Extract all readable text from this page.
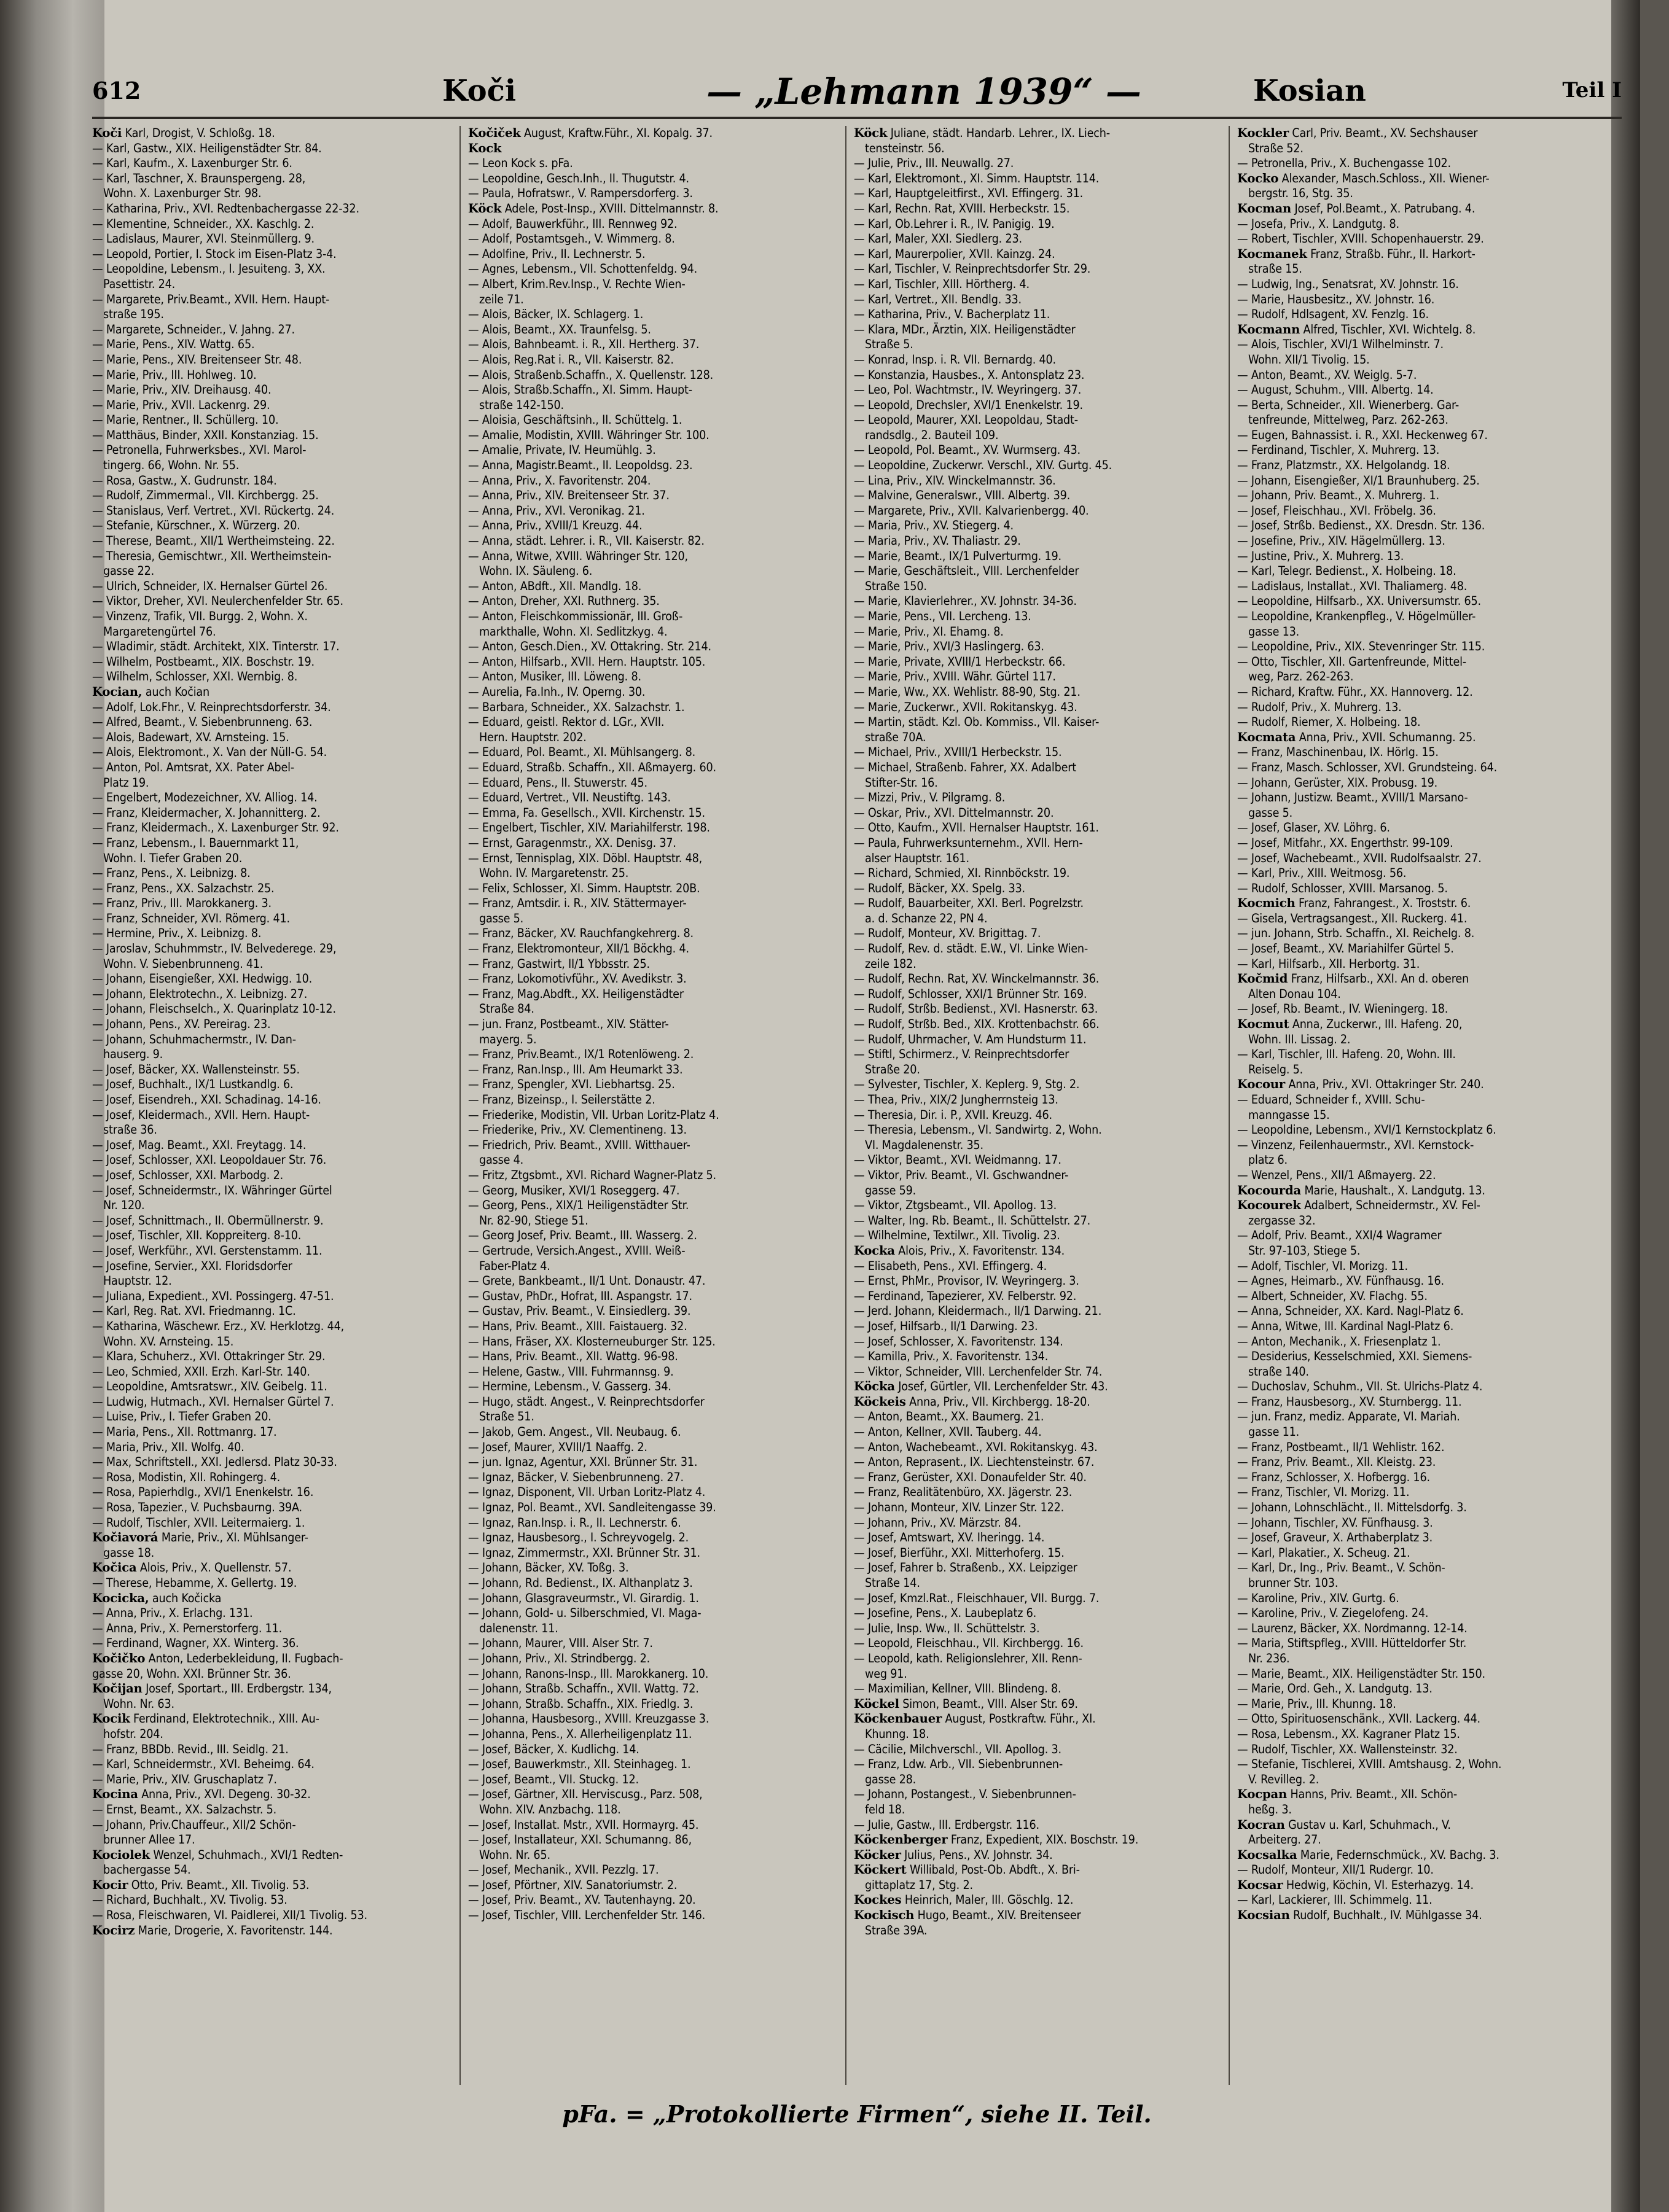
612	Koči	— „Lehmann 1939“ —	Kosian	Teil I
Koči Karl, Drogist, V. Schloßg. 18.
— Karl, Gastw., XIX. Heiligenstädter Str. 84.
— Karl, Kaufm., X. Laxenburger Str. 6.
— Karl, Taschner, X. Braunspergeng. 28,
Wohn. X. Laxenburger Str. 98.
— Katharina, Priv., XVI. Redtenbachergasse 22-32.
— Klementine, Schneider., XX. Kaschlg. 2.
— Ladislaus, Maurer, XVI. Steinmüllerg. 9.
— Leopold, Portier, I. Stock im Eisen-Platz 3-4.
— Leopoldine, Lebensm., I. Jesuiteng. 3, XX.
Pasettistr. 24.
— Margarete, Priv.Beamt., XVII. Hern. Haupt-
straße 195.
— Margarete, Schneider., V. Jahng. 27.
— Marie, Pens., XIV. Wattg. 65.
— Marie, Pens., XIV. Breitenseer Str. 48.
— Marie, Priv., III. Hohlweg. 10.
— Marie, Priv., XIV. Dreihausg. 40.
— Marie, Priv., XVII. Lackenrg. 29.
— Marie, Rentner., II. Schüllerg. 10.
— Matthäus, Binder, XXII. Konstanziag. 15.
— Petronella, Fuhrwerksbes., XVI. Marol-
tingerg. 66, Wohn. Nr. 55.
— Rosa, Gastw., X. Gudrunstr. 184.
— Rudolf, Zimmermal., VII. Kirchbergg. 25.
— Stanislaus, Verf. Vertret., XVI. Rückertg. 24.
— Stefanie, Kürschner., X. Würzerg. 20.
— Therese, Beamt., XII/1 Wertheimsteing. 22.
— Theresia, Gemischtwr., XII. Wertheimstein-
gasse 22.
— Ulrich, Schneider, IX. Hernalser Gürtel 26.
— Viktor, Dreher, XVI. Neulerchenfelder Str. 65.
— Vinzenz, Trafik, VII. Burgg. 2, Wohn. X.
Margaretengürtel 76.
— Wladimir, städt. Architekt, XIX. Tinterstr. 17.
— Wilhelm, Postbeamt., XIX. Boschstr. 19.
— Wilhelm, Schlosser, XXI. Wernbig. 8.
Kocian, auch Kočian
— Adolf, Lok.Fhr., V. Reinprechtsdorferstr. 34.
— Alfred, Beamt., V. Siebenbrunneng. 63.
— Alois, Badewart, XV. Arnsteing. 15.
— Alois, Elektromont., X. Van der Nüll-G. 54.
— Anton, Pol. Amtsrat, XX. Pater Abel-
Platz 19.
— Engelbert, Modezeichner, XV. Alliog. 14.
— Franz, Kleidermacher, X. Johannitterg. 2.
— Franz, Kleidermach., X. Laxenburger Str. 92.
— Franz, Lebensm., I. Bauernmarkt 11,
Wohn. I. Tiefer Graben 20.
— Franz, Pens., X. Leibnizg. 8.
— Franz, Pens., XX. Salzachstr. 25.
— Franz, Priv., III. Marokkanerg. 3.
— Franz, Schneider, XVI. Römerg. 41.
— Hermine, Priv., X. Leibnizg. 8.
— Jaroslav, Schuhmmstr., IV. Belvederege. 29,
Wohn. V. Siebenbrunneng. 41.
— Johann, Eisengießer, XXI. Hedwigg. 10.
— Johann, Elektrotechn., X. Leibnizg. 27.
— Johann, Fleischselch., X. Quarinplatz 10-12.
— Johann, Pens., XV. Pereirag. 23.
— Johann, Schuhmachermstr., IV. Dan-
hauserg. 9.
— Josef, Bäcker, XX. Wallensteinstr. 55.
— Josef, Buchhalt., IX/1 Lustkandlg. 6.
— Josef, Eisendreh., XXI. Schadinag. 14-16.
— Josef, Kleidermach., XVII. Hern. Haupt-
straße 36.
— Josef, Mag. Beamt., XXI. Freytagg. 14.
— Josef, Schlosser, XXI. Leopoldauer Str. 76.
— Josef, Schlosser, XXI. Marbodg. 2.
— Josef, Schneidermstr., IX. Währinger Gürtel
Nr. 120.
— Josef, Schnittmach., II. Obermüllnerstr. 9.
— Josef, Tischler, XII. Koppreiterg. 8-10.
— Josef, Werkführ., XVI. Gerstenstamm. 11.
— Josefine, Servier., XXI. Floridsdorfer
Hauptstr. 12.
— Juliana, Expedient., XVI. Possingerg. 47-51.
— Karl, Reg. Rat. XVI. Friedmanng. 1C.
— Katharina, Wäschewr. Erz., XV. Herklotzg. 44,
Wohn. XV. Arnsteing. 15.
— Klara, Schuherz., XVI. Ottakringer Str. 29.
— Leo, Schmied, XXII. Erzh. Karl-Str. 140.
— Leopoldine, Amtsratswr., XIV. Geibelg. 11.
— Ludwig, Hutmach., XVI. Hernalser Gürtel 7.
— Luise, Priv., I. Tiefer Graben 20.
— Maria, Pens., XII. Rottmanrg. 17.
— Maria, Priv., XII. Wolfg. 40.
— Max, Schriftstell., XXI. Jedlersd. Platz 30-33.
— Rosa, Modistin, XII. Rohingerg. 4.
— Rosa, Papierhdlg., XVI/1 Enenkelstr. 16.
— Rosa, Tapezier., V. Puchsbaurng. 39A.
— Rudolf, Tischler, XVII. Leitermaierg. 1.
Kočiavorá Marie, Priv., XI. Mühlsanger-
gasse 18.
Kočica Alois, Priv., X. Quellenstr. 57.
— Therese, Hebamme, X. Gellertg. 19.
Kocicka, auch Kočicka
— Anna, Priv., X. Erlachg. 131.
— Anna, Priv., X. Pernerstorferg. 11.
— Ferdinand, Wagner, XX. Winterg. 36.
Kočičko Anton, Lederbekleidung, II. Fugbach-
gasse 20, Wohn. XXI. Brünner Str. 36.
Kočijan Josef, Sportart., III. Erdbergstr. 134,
Wohn. Nr. 63.
Kocik Ferdinand, Elektrotechnik., XIII. Au-
hofstr. 204.
— Franz, BBDb. Revid., III. Seidlg. 21.
— Karl, Schneidermstr., XVI. Beheimg. 64.
— Marie, Priv., XIV. Gruschaplatz 7.
Kocina Anna, Priv., XVI. Degeng. 30-32.
— Ernst, Beamt., XX. Salzachstr. 5.
— Johann, Priv.Chauffeur., XII/2 Schön-
brunner Allee 17.
Kociolek Wenzel, Schuhmach., XVI/1 Redten-
bachergasse 54.
Kocir Otto, Priv. Beamt., XII. Tivolig. 53.
— Richard, Buchhalt., XV. Tivolig. 53.
— Rosa, Fleischwaren, VI. Paidlerei, XII/1 Tivolig. 53.
Kocirz Marie, Drogerie, X. Favoritenstr. 144.
Kočiček August, Kraftw.Führ., XI. Kopalg. 37.
Kock
— Leon Kock s. pFa.
— Leopoldine, Gesch.Inh., II. Thugutstr. 4.
— Paula, Hofratswr., V. Rampersdorferg. 3.
Köck Adele, Post-Insp., XVIII. Dittelmannstr. 8.
— Adolf, Bauwerkführ., III. Rennweg 92.
— Adolf, Postamtsgeh., V. Wimmerg. 8.
— Adolfine, Priv., II. Lechnerstr. 5.
— Agnes, Lebensm., VII. Schottenfeldg. 94.
— Albert, Krim.Rev.Insp., V. Rechte Wien-
zeile 71.
— Alois, Bäcker, IX. Schlagerg. 1.
— Alois, Beamt., XX. Traunfelsg. 5.
— Alois, Bahnbeamt. i. R., XII. Hertherg. 37.
— Alois, Reg.Rat i. R., VII. Kaiserstr. 82.
— Alois, Straßenb.Schaffn., X. Quellenstr. 128.
— Alois, Straßb.Schaffn., XI. Simm. Haupt-
straße 142-150.
— Aloisia, Geschäftsinh., II. Schüttelg. 1.
— Amalie, Modistin, XVIII. Währinger Str. 100.
— Amalie, Private, IV. Heumühlg. 3.
— Anna, Magistr.Beamt., II. Leopoldsg. 23.
— Anna, Priv., X. Favoritenstr. 204.
— Anna, Priv., XIV. Breitenseer Str. 37.
— Anna, Priv., XVI. Veronikag. 21.
— Anna, Priv., XVIII/1 Kreuzg. 44.
— Anna, städt. Lehrer. i. R., VII. Kaiserstr. 82.
— Anna, Witwe, XVIII. Währinger Str. 120,
Wohn. IX. Säuleng. 6.
— Anton, ABdft., XII. Mandlg. 18.
— Anton, Dreher, XXI. Ruthnerg. 35.
— Anton, Fleischkommissionär, III. Groß-
markthalle, Wohn. XI. Sedlitzkyg. 4.
— Anton, Gesch.Dien., XV. Ottakring. Str. 214.
— Anton, Hilfsarb., XVII. Hern. Hauptstr. 105.
— Anton, Musiker, III. Löweng. 8.
— Aurelia, Fa.Inh., IV. Operng. 30.
— Barbara, Schneider., XX. Salzachstr. 1.
— Eduard, geistl. Rektor d. LGr., XVII.
Hern. Hauptstr. 202.
— Eduard, Pol. Beamt., XI. Mühlsangerg. 8.
— Eduard, Straßb. Schaffn., XII. Aßmayerg. 60.
— Eduard, Pens., II. Stuwerstr. 45.
— Eduard, Vertret., VII. Neustiftg. 143.
— Emma, Fa. Gesellsch., XVII. Kirchenstr. 15.
— Engelbert, Tischler, XIV. Mariahilferstr. 198.
— Ernst, Garagenmstr., XX. Denisg. 37.
— Ernst, Tennisplag, XIX. Döbl. Hauptstr. 48,
Wohn. IV. Margaretenstr. 25.
— Felix, Schlosser, XI. Simm. Hauptstr. 20B.
— Franz, Amtsdir. i. R., XIV. Stättermayer-
gasse 5.
— Franz, Bäcker, XV. Rauchfangkehrerg. 8.
— Franz, Elektromonteur, XII/1 Böckhg. 4.
— Franz, Gastwirt, II/1 Ybbsstr. 25.
— Franz, Lokomotivführ., XV. Avedikstr. 3.
— Franz, Mag.Abdft., XX. Heiligenstädter
Straße 84.
— jun. Franz, Postbeamt., XIV. Stätter-
mayerg. 5.
— Franz, Priv.Beamt., IX/1 Rotenlöweng. 2.
— Franz, Ran.Insp., III. Am Heumarkt 33.
— Franz, Spengler, XVI. Liebhartsg. 25.
— Franz, Bizeinsp., I. Seilerstätte 2.
— Friederike, Modistin, VII. Urban Loritz-Platz 4.
— Friederike, Priv., XV. Clementineng. 13.
— Friedrich, Priv. Beamt., XVIII. Witthauer-
gasse 4.
— Fritz, Ztgsbmt., XVI. Richard Wagner-Platz 5.
— Georg, Musiker, XVI/1 Roseggerg. 47.
— Georg, Pens., XIX/1 Heiligenstädter Str.
Nr. 82-90, Stiege 51.
— Georg Josef, Priv. Beamt., III. Wasserg. 2.
— Gertrude, Versich.Angest., XVIII. Weiß-
Faber-Platz 4.
— Grete, Bankbeamt., II/1 Unt. Donaustr. 47.
— Gustav, PhDr., Hofrat, III. Aspangstr. 17.
— Gustav, Priv. Beamt., V. Einsiedlerg. 39.
— Hans, Priv. Beamt., XIII. Faistauerg. 32.
— Hans, Fräser, XX. Klosterneuburger Str. 125.
— Hans, Priv. Beamt., XII. Wattg. 96-98.
— Helene, Gastw., VIII. Fuhrmannsg. 9.
— Hermine, Lebensm., V. Gasserg. 34.
— Hugo, städt. Angest., V. Reinprechtsdorfer
Straße 51.
— Jakob, Gem. Angest., VII. Neubaug. 6.
— Josef, Maurer, XVIII/1 Naaffg. 2.
— jun. Ignaz, Agentur, XXI. Brünner Str. 31.
— Ignaz, Bäcker, V. Siebenbrunneng. 27.
— Ignaz, Disponent, VII. Urban Loritz-Platz 4.
— Ignaz, Pol. Beamt., XVI. Sandleitengasse 39.
— Ignaz, Ran.Insp. i. R., II. Lechnerstr. 6.
— Ignaz, Hausbesorg., I. Schreyvogelg. 2.
— Ignaz, Zimmermstr., XXI. Brünner Str. 31.
— Johann, Bäcker, XV. Toßg. 3.
— Johann, Rd. Bedienst., IX. Althanplatz 3.
— Johann, Glasgraveurmstr., VI. Girardig. 1.
— Johann, Gold- u. Silberschmied, VI. Maga-
dalenenstr. 11.
— Johann, Maurer, VIII. Alser Str. 7.
— Johann, Priv., XI. Strindbergg. 2.
— Johann, Ranons-Insp., III. Marokkanerg. 10.
— Johann, Straßb. Schaffn., XVII. Wattg. 72.
— Johann, Straßb. Schaffn., XIX. Friedlg. 3.
— Johanna, Hausbesorg., XVIII. Kreuzgasse 3.
— Johanna, Pens., X. Allerheiligenplatz 11.
— Josef, Bäcker, X. Kudlichg. 14.
— Josef, Bauwerkmstr., XII. Steinhageg. 1.
— Josef, Beamt., VII. Stuckg. 12.
— Josef, Gärtner, XII. Herviscusg., Parz. 508,
Wohn. XIV. Anzbachg. 118.
— Josef, Installat. Mstr., XVII. Hormayrg. 45.
— Josef, Installateur, XXI. Schumanng. 86,
Wohn. Nr. 65.
— Josef, Mechanik., XVII. Pezzlg. 17.
— Josef, Pförtner, XIV. Sanatoriumstr. 2.
— Josef, Priv. Beamt., XV. Tautenhayng. 20.
— Josef, Tischler, VIII. Lerchenfelder Str. 146.
Köck Juliane, städt. Handarb. Lehrer., IX. Liech-
tensteinstr. 56.
— Julie, Priv., III. Neuwallg. 27.
— Karl, Elektromont., XI. Simm. Hauptstr. 114.
— Karl, Hauptgeleitfirst., XVI. Effingerg. 31.
— Karl, Rechn. Rat, XVIII. Herbeckstr. 15.
— Karl, Ob.Lehrer i. R., IV. Panigig. 19.
— Karl, Maler, XXI. Siedlerg. 23.
— Karl, Maurerpolier, XVII. Kainzg. 24.
— Karl, Tischler, V. Reinprechtsdorfer Str. 29.
— Karl, Tischler, XIII. Hörtherg. 4.
— Karl, Vertret., XII. Bendlg. 33.
— Katharina, Priv., V. Bacherplatz 11.
— Klara, MDr., Ärztin, XIX. Heiligenstädter
Straße 5.
— Konrad, Insp. i. R. VII. Bernardg. 40.
— Konstanzia, Hausbes., X. Antonsplatz 23.
— Leo, Pol. Wachtmstr., IV. Weyringerg. 37.
— Leopold, Drechsler, XVI/1 Enenkelstr. 19.
— Leopold, Maurer, XXI. Leopoldau, Stadt-
randsdlg., 2. Bauteil 109.
— Leopold, Pol. Beamt., XV. Wurmserg. 43.
— Leopoldine, Zuckerwr. Verschl., XIV. Gurtg. 45.
— Lina, Priv., XIV. Winckelmannstr. 36.
— Malvine, Generalswr., VIII. Albertg. 39.
— Margarete, Priv., XVII. Kalvarienbergg. 40.
— Maria, Priv., XV. Stiegerg. 4.
— Maria, Priv., XV. Thaliastr. 29.
— Marie, Beamt., IX/1 Pulverturmg. 19.
— Marie, Geschäftsleit., VIII. Lerchenfelder
Straße 150.
— Marie, Klavierlehrer., XV. Johnstr. 34-36.
— Marie, Pens., VII. Lercheng. 13.
— Marie, Priv., XI. Ehamg. 8.
— Marie, Priv., XVI/3 Haslingerg. 63.
— Marie, Private, XVIII/1 Herbeckstr. 66.
— Marie, Priv., XVIII. Währ. Gürtel 117.
— Marie, Ww., XX. Wehlistr. 88-90, Stg. 21.
— Marie, Zuckerwr., XVII. Rokitanskyg. 43.
— Martin, städt. Kzl. Ob. Kommiss., VII. Kaiser-
straße 70A.
— Michael, Priv., XVIII/1 Herbeckstr. 15.
— Michael, Straßenb. Fahrer, XX. Adalbert
Stifter-Str. 16.
— Mizzi, Priv., V. Pilgramg. 8.
— Oskar, Priv., XVI. Dittelmannstr. 20.
— Otto, Kaufm., XVII. Hernalser Hauptstr. 161.
— Paula, Fuhrwerksunternehm., XVII. Hern-
alser Hauptstr. 161.
— Richard, Schmied, XI. Rinnböckstr. 19.
— Rudolf, Bäcker, XX. Spelg. 33.
— Rudolf, Bauarbeiter, XXI. Berl. Pogrelzstr.
a. d. Schanze 22, PN 4.
— Rudolf, Monteur, XV. Brigittag. 7.
— Rudolf, Rev. d. städt. E.W., VI. Linke Wien-
zeile 182.
— Rudolf, Rechn. Rat, XV. Winckelmannstr. 36.
— Rudolf, Schlosser, XXI/1 Brünner Str. 169.
— Rudolf, Strßb. Bedienst., XVI. Hasnerstr. 63.
— Rudolf, Strßb. Bed., XIX. Krottenbachstr. 66.
— Rudolf, Uhrmacher, V. Am Hundsturm 11.
— Stiftl, Schirmerz., V. Reinprechtsdorfer
Straße 20.
— Sylvester, Tischler, X. Keplerg. 9, Stg. 2.
— Thea, Priv., XIX/2 Jungherrnsteig 13.
— Theresia, Dir. i. P., XVII. Kreuzg. 46.
— Theresia, Lebensm., VI. Sandwirtg. 2, Wohn.
VI. Magdalenenstr. 35.
— Viktor, Beamt., XVI. Weidmanng. 17.
— Viktor, Priv. Beamt., VI. Gschwandner-
gasse 59.
— Viktor, Ztgsbeamt., VII. Apollog. 13.
— Walter, Ing. Rb. Beamt., II. Schüttelstr. 27.
— Wilhelmine, Textilwr., XII. Tivolig. 23.
Kocka Alois, Priv., X. Favoritenstr. 134.
— Elisabeth, Pens., XVI. Effingerg. 4.
— Ernst, PhMr., Provisor, IV. Weyringerg. 3.
— Ferdinand, Tapezierer, XV. Felberstr. 92.
— Jerd. Johann, Kleidermach., II/1 Darwing. 21.
— Josef, Hilfsarb., II/1 Darwing. 23.
— Josef, Schlosser, X. Favoritenstr. 134.
— Kamilla, Priv., X. Favoritenstr. 134.
— Viktor, Schneider, VIII. Lerchenfelder Str. 74.
Köcka Josef, Gürtler, VII. Lerchenfelder Str. 43.
Köckeis Anna, Priv., VII. Kirchbergg. 18-20.
— Anton, Beamt., XX. Baumerg. 21.
— Anton, Kellner, XVII. Tauberg. 44.
— Anton, Wachebeamt., XVI. Rokitanskyg. 43.
— Anton, Reprasent., IX. Liechtensteinstr. 67.
— Franz, Gerüster, XXI. Donaufelder Str. 40.
— Franz, Realitätenbüro, XX. Jägerstr. 23.
— Johann, Monteur, XIV. Linzer Str. 122.
— Johann, Priv., XV. Märzstr. 84.
— Josef, Amtswart, XV. Iheringg. 14.
— Josef, Bierführ., XXI. Mitterhoferg. 15.
— Josef, Fahrer b. Straßenb., XX. Leipziger
Straße 14.
— Josef, Kmzl.Rat., Fleischhauer, VII. Burgg. 7.
— Josefine, Pens., X. Laubeplatz 6.
— Julie, Insp. Ww., II. Schüttelstr. 3.
— Leopold, Fleischhau., VII. Kirchbergg. 16.
— Leopold, kath. Religionslehrer, XII. Renn-
weg 91.
— Maximilian, Kellner, VIII. Blindeng. 8.
Köckel Simon, Beamt., VIII. Alser Str. 69.
Köckenbauer August, Postkraftw. Führ., XI.
Khunng. 18.
— Cäcilie, Milchverschl., VII. Apollog. 3.
— Franz, Ldw. Arb., VII. Siebenbrunnen-
gasse 28.
— Johann, Postangest., V. Siebenbrunnen-
feld 18.
— Julie, Gastw., III. Erdbergstr. 116.
Köckenberger Franz, Expedient, XIX. Boschstr. 19.
Köcker Julius, Pens., XV. Johnstr. 34.
Köckert Willibald, Post-Ob. Abdft., X. Bri-
gittaplatz 17, Stg. 2.
Kockes Heinrich, Maler, III. Göschlg. 12.
Kockisch Hugo, Beamt., XIV. Breitenseer
Straße 39A.
Kockler Carl, Priv. Beamt., XV. Sechshauser
Straße 52.
— Petronella, Priv., X. Buchengasse 102.
Kocko Alexander, Masch.Schloss., XII. Wiener-
bergstr. 16, Stg. 35.
Kocman Josef, Pol.Beamt., X. Patrubang. 4.
— Josefa, Priv., X. Landgutg. 8.
— Robert, Tischler, XVIII. Schopenhauerstr. 29.
Kocmanek Franz, Straßb. Führ., II. Harkort-
straße 15.
— Ludwig, Ing., Senatsrat, XV. Johnstr. 16.
— Marie, Hausbesitz., XV. Johnstr. 16.
— Rudolf, Hdlsagent, XV. Fenzlg. 16.
Kocmann Alfred, Tischler, XVI. Wichtelg. 8.
— Alois, Tischler, XVI/1 Wilhelminstr. 7.
Wohn. XII/1 Tivolig. 15.
— Anton, Beamt., XV. Weiglg. 5-7.
— August, Schuhm., VIII. Albertg. 14.
— Berta, Schneider., XII. Wienerberg. Gar-
tenfreunde, Mittelweg, Parz. 262-263.
— Eugen, Bahnassist. i. R., XXI. Heckenweg 67.
— Ferdinand, Tischler, X. Muhrerg. 13.
— Franz, Platzmstr., XX. Helgolandg. 18.
— Johann, Eisengießer, XI/1 Braunhuberg. 25.
— Johann, Priv. Beamt., X. Muhrerg. 1.
— Josef, Fleischhau., XVI. Fröbelg. 36.
— Josef, Strßb. Bedienst., XX. Dresdn. Str. 136.
— Josefine, Priv., XIV. Hägelmüllerg. 13.
— Justine, Priv., X. Muhrerg. 13.
— Karl, Telegr. Bedienst., X. Holbeing. 18.
— Ladislaus, Installat., XVI. Thaliamerg. 48.
— Leopoldine, Hilfsarb., XX. Universumstr. 65.
— Leopoldine, Krankenpfleg., V. Högelmüller-
gasse 13.
— Leopoldine, Priv., XIX. Stevenringer Str. 115.
— Otto, Tischler, XII. Gartenfreunde, Mittel-
weg, Parz. 262-263.
— Richard, Kraftw. Führ., XX. Hannoverg. 12.
— Rudolf, Priv., X. Muhrerg. 13.
— Rudolf, Riemer, X. Holbeing. 18.
Kocmata Anna, Priv., XVII. Schumanng. 25.
— Franz, Maschinenbau, IX. Hörlg. 15.
— Franz, Masch. Schlosser, XVI. Grundsteing. 64.
— Johann, Gerüster, XIX. Probusg. 19.
— Johann, Justizw. Beamt., XVIII/1 Marsano-
gasse 5.
— Josef, Glaser, XV. Löhrg. 6.
— Josef, Mitfahr., XX. Engerthstr. 99-109.
— Josef, Wachebeamt., XVII. Rudolfsaalstr. 27.
— Karl, Priv., XIII. Weitmosg. 56.
— Rudolf, Schlosser, XVIII. Marsanog. 5.
Kocmich Franz, Fahrangest., X. Troststr. 6.
— Gisela, Vertragsangest., XII. Ruckerg. 41.
— jun. Johann, Strb. Schaffn., XI. Reichelg. 8.
— Josef, Beamt., XV. Mariahilfer Gürtel 5.
— Karl, Hilfsarb., XII. Herbortg. 31.
Kočmid Franz, Hilfsarb., XXI. An d. oberen
Alten Donau 104.
— Josef, Rb. Beamt., IV. Wieningerg. 18.
Kocmut Anna, Zuckerwr., III. Hafeng. 20,
Wohn. III. Lissag. 2.
— Karl, Tischler, III. Hafeng. 20, Wohn. III.
Reiselg. 5.
Kocour Anna, Priv., XVI. Ottakringer Str. 240.
— Eduard, Schneider f., XVIII. Schu-
manngasse 15.
— Leopoldine, Lebensm., XVI/1 Kernstockplatz 6.
— Vinzenz, Feilenhauermstr., XVI. Kernstock-
platz 6.
— Wenzel, Pens., XII/1 Aßmayerg. 22.
Kocourda Marie, Haushalt., X. Landgutg. 13.
Kocourek Adalbert, Schneidermstr., XV. Fel-
zergasse 32.
— Adolf, Priv. Beamt., XXI/4 Wagramer
Str. 97-103, Stiege 5.
— Adolf, Tischler, VI. Morizg. 11.
— Agnes, Heimarb., XV. Fünfhausg. 16.
— Albert, Schneider, XV. Flachg. 55.
— Anna, Schneider, XX. Kard. Nagl-Platz 6.
— Anna, Witwe, III. Kardinal Nagl-Platz 6.
— Anton, Mechanik., X. Friesenplatz 1.
— Desiderius, Kesselschmied, XXI. Siemens-
straße 140.
— Duchoslav, Schuhm., VII. St. Ulrichs-Platz 4.
— Franz, Hausbesorg., XV. Sturnbergg. 11.
— jun. Franz, mediz. Apparate, VI. Mariah.
gasse 11.
— Franz, Postbeamt., II/1 Wehlistr. 162.
— Franz, Priv. Beamt., XII. Kleistg. 23.
— Franz, Schlosser, X. Hofbergg. 16.
— Franz, Tischler, VI. Morizg. 11.
— Johann, Lohnschlächt., II. Mittelsdorfg. 3.
— Johann, Tischler, XV. Fünfhausg. 3.
— Josef, Graveur, X. Arthaberplatz 3.
— Karl, Plakatier., X. Scheug. 21.
— Karl, Dr., Ing., Priv. Beamt., V. Schön-
brunner Str. 103.
— Karoline, Priv., XIV. Gurtg. 6.
— Karoline, Priv., V. Ziegelofeng. 24.
— Laurenz, Bäcker, XX. Nordmanng. 12-14.
— Maria, Stiftspfleg., XVIII. Hütteldorfer Str.
Nr. 236.
— Marie, Beamt., XIX. Heiligenstädter Str. 150.
— Marie, Ord. Geh., X. Landgutg. 13.
— Marie, Priv., III. Khunng. 18.
— Otto, Spirituosenschänk., XVII. Lackerg. 44.
— Rosa, Lebensm., XX. Kagraner Platz 15.
— Rudolf, Tischler, XX. Wallensteinstr. 32.
— Stefanie, Tischlerei, XVIII. Amtshausg. 2, Wohn.
V. Revilleg. 2.
Kocpan Hanns, Priv. Beamt., XII. Schön-
heßg. 3.
Kocran Gustav u. Karl, Schuhmach., V.
Arbeiterg. 27.
Kocsalka Marie, Federnschmück., XV. Bachg. 3.
— Rudolf, Monteur, XII/1 Rudergr. 10.
Kocsar Hedwig, Köchin, VI. Esterhazyg. 14.
— Karl, Lackierer, III. Schimmelg. 11.
Kocsian Rudolf, Buchhalt., IV. Mühlgasse 34.
pFa. = „Protokollierte Firmen“, siehe II. Teil.
